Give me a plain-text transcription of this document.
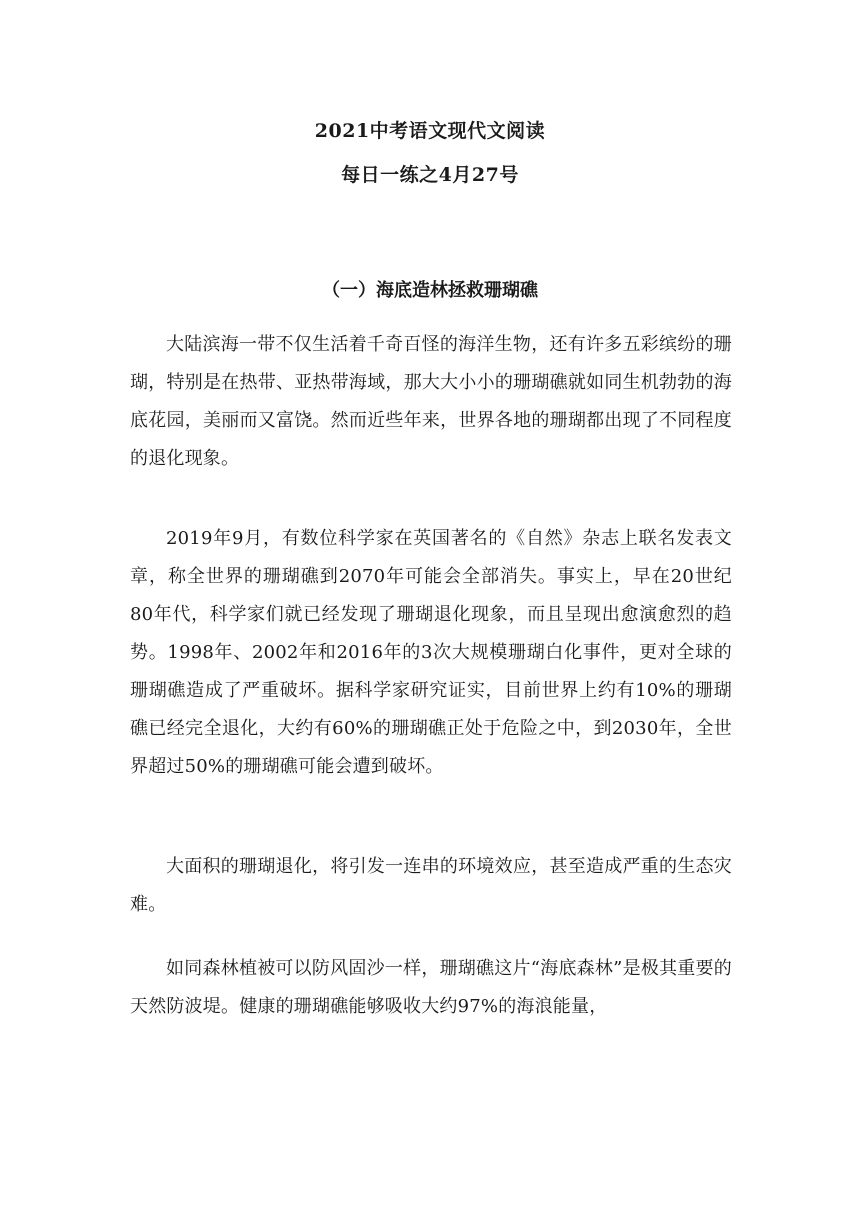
2021中考语文现代文阅读
每日一练之4月27号
（一）海底造林拯救珊瑚礁

大陆滨海一带不仅生活着千奇百怪的海洋生物，还有许多五彩缤纷的珊瑚，特别是在热带、亚热带海域，那大大小小的珊瑚礁就如同生机勃勃的海底花园，美丽而又富饶。然而近些年来，世界各地的珊瑚都出现了不同程度的退化现象。

2019年9月，有数位科学家在英国著名的《自然》杂志上联名发表文章，称全世界的珊瑚礁到2070年可能会全部消失。事实上，早在20世纪80年代，科学家们就已经发现了珊瑚退化现象，而且呈现出愈演愈烈的趋势。1998年、2002年和2016年的3次大规模珊瑚白化事件，更对全球的珊瑚礁造成了严重破坏。据科学家研究证实，目前世界上约有10%的珊瑚礁已经完全退化，大约有60%的珊瑚礁正处于危险之中，到2030年，全世界超过50%的珊瑚礁可能会遭到破坏。

大面积的珊瑚退化，将引发一连串的环境效应，甚至造成严重的生态灾难。

如同森林植被可以防风固沙一样，珊瑚礁这片“海底森林”是极其重要的天然防波堤。健康的珊瑚礁能够吸收大约97%的海浪能量，
